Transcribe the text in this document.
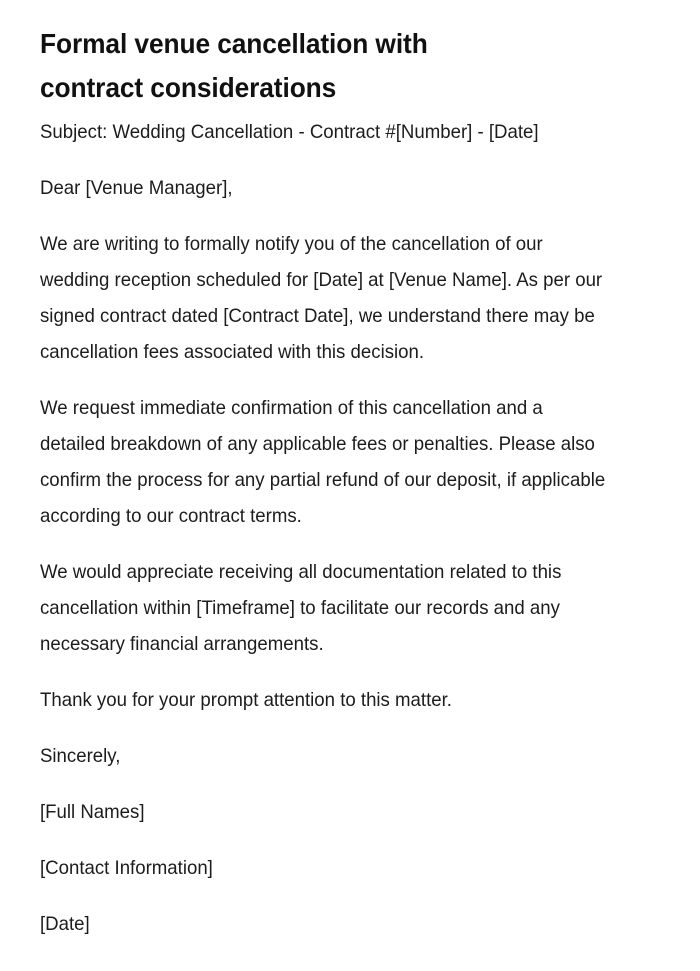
Formal venue cancellation with contract considerations

Subject: Wedding Cancellation - Contract #[Number] - [Date]

Dear [Venue Manager],

We are writing to formally notify you of the cancellation of our wedding reception scheduled for [Date] at [Venue Name]. As per our signed contract dated [Contract Date], we understand there may be cancellation fees associated with this decision.

We request immediate confirmation of this cancellation and a detailed breakdown of any applicable fees or penalties. Please also confirm the process for any partial refund of our deposit, if applicable according to our contract terms.

We would appreciate receiving all documentation related to this cancellation within [Timeframe] to facilitate our records and any necessary financial arrangements.

Thank you for your prompt attention to this matter.

Sincerely,

[Full Names]

[Contact Information]

[Date]
